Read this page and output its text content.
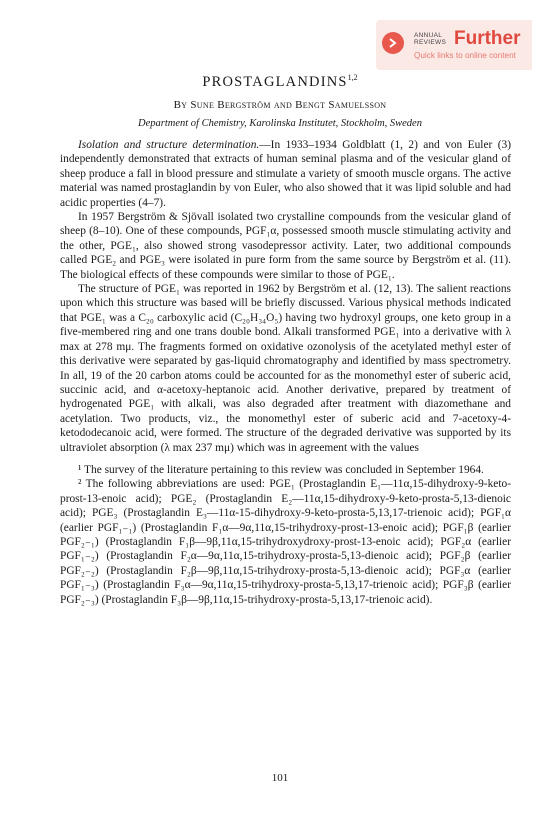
ANNUAL
REVIEWS Further
Quick links to online content
PROSTAGLANDINS$^{1,2}$
By Sune Bergström and Bengt Samuelsson
Department of Chemistry, Karolinska Institutet, Stockholm, Sweden

Isolation and structure determination.—In 1933–1934 Goldblatt (1, 2) and von Euler (3) independently demonstrated that extracts of human seminal plasma and of the vesicular gland of sheep produce a fall in blood pressure and stimulate a variety of smooth muscle organs. The active material was named prostaglandin by von Euler, who also showed that it was lipid soluble and had acidic properties (4–7).

In 1957 Bergström & Sjövall isolated two crystalline compounds from the vesicular gland of sheep (8–10). One of these compounds, PGF₁α, possessed smooth muscle stimulating activity and the other, PGE₁, also showed strong vasodepressor activity. Later, two additional compounds called PGE₂ and PGE₃ were isolated in pure form from the same source by Bergström et al. (11). The biological effects of these compounds were similar to those of PGE₁.

The structure of PGE₁ was reported in 1962 by Bergström et al. (12, 13). The salient reactions upon which this structure was based will be briefly discussed. Various physical methods indicated that PGE₁ was a C₂₀ carboxylic acid (C₂₀H₃₄O₅) having two hydroxyl groups, one keto group in a five-membered ring and one trans double bond. Alkali transformed PGE₁ into a derivative with λ max at 278 mμ. The fragments formed on oxidative ozonolysis of the acetylated methyl ester of this derivative were separated by gas-liquid chromatography and identified by mass spectrometry. In all, 19 of the 20 carbon atoms could be accounted for as the monomethyl ester of suberic acid, succinic acid, and α-acetoxy-heptanoic acid. Another derivative, prepared by treatment of hydrogenated PGE₁ with alkali, was also degraded after treatment with diazomethane and acetylation. Two products, viz., the monomethyl ester of suberic acid and 7-acetoxy-4-ketododecanoic acid, were formed. The structure of the degraded derivative was supported by its ultraviolet absorption (λ max 237 mμ) which was in agreement with the values

¹ The survey of the literature pertaining to this review was concluded in September 1964.

² The following abbreviations are used: PGE₁ (Prostaglandin E₁—11α,15-dihydroxy-9-keto-prost-13-enoic acid); PGE₂ (Prostaglandin E₂—11α,15-dihydroxy-9-keto-prosta-5,13-dienoic acid); PGE₃ (Prostaglandin E₃—11α-15-dihydroxy-9-keto-prosta-5,13,17-trienoic acid); PGF₁α (earlier PGF₁₋₁) (Prostaglandin F₁α—9α,11α,15-trihydroxy-prost-13-enoic acid); PGF₁β (earlier PGF₂₋₁) (Prostaglandin F₁β—9β,11α,15-trihydroxydroxy-prost-13-enoic acid); PGF₂α (earlier PGF₁₋₂) (Prostaglandin F₂α—9α,11α,15-trihydroxy-prosta-5,13-dienoic acid); PGF₂β (earlier PGF₂₋₂) (Prostaglandin F₂β—9β,11α,15-trihydroxy-prosta-5,13-dienoic acid); PGF₃α (earlier PGF₁₋₃) (Prostaglandin F₃α—9α,11α,15-trihydroxy-prosta-5,13,17-trienoic acid); PGF₃β (earlier PGF₂₋₃) (Prostaglandin F₃β—9β,11α,15-trihydroxy-prosta-5,13,17-trienoic acid).

101
